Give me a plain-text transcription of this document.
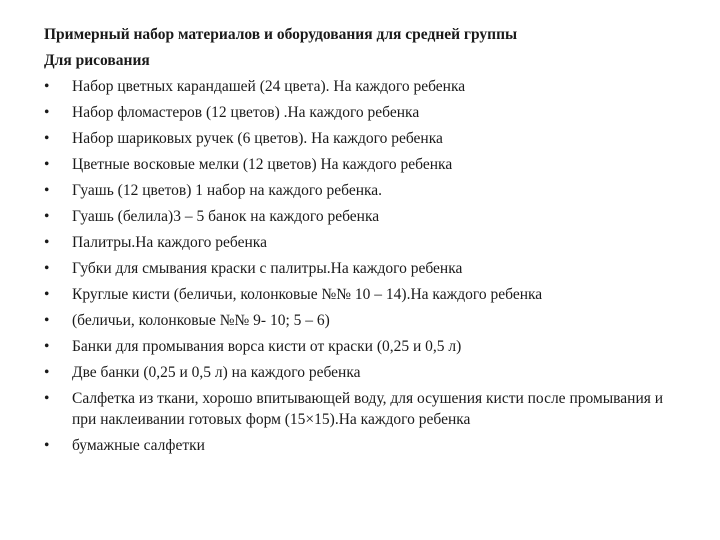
Примерный набор материалов и оборудования для средней группы

Для рисования

•	Набор цветных карандашей (24 цвета). На каждого ребенка
•	Набор фломастеров (12 цветов) .На каждого ребенка
•	Набор шариковых ручек (6 цветов). На каждого ребенка
•	Цветные восковые мелки (12 цветов) На каждого ребенка
•	Гуашь (12 цветов) 1 набор на каждого ребенка.
•	Гуашь (белила)3 – 5 банок на каждого ребенка
•	Палитры.На каждого ребенка
•	Губки для смывания краски с палитры.На каждого ребенка
•	Круглые кисти (беличьи, колонковые №№ 10 – 14).На каждого ребенка
•	(беличьи, колонковые №№ 9- 10; 5 – 6)
•	Банки для промывания ворса кисти от краски (0,25 и 0,5 л)
•	Две банки (0,25 и 0,5 л) на каждого ребенка
•	Салфетка из ткани, хорошо впитывающей воду, для осушения кисти после промывания и при наклеивании готовых форм (15×15).На каждого ребенка
•	бумажные салфетки
